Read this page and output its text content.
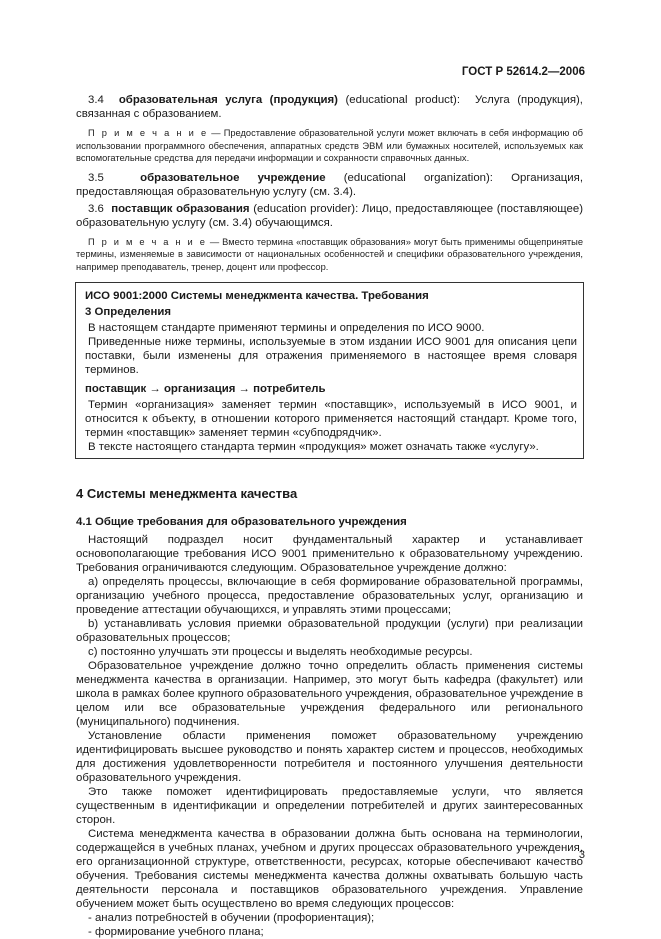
ГОСТ Р 52614.2—2006

3.4 образовательная услуга (продукция) (educational product): Услуга (продукция), связанная с образованием.

П р и м е ч а н и е — Предоставление образовательной услуги может включать в себя информацию об использовании программного обеспечения, аппаратных средств ЭВМ или бумажных носителей, используемых как вспомогательные средства для передачи информации и сохранности справочных данных.

3.5	образовательное учреждение (educational organization): Организация, предоставляющая образовательную услугу (см. 3.4).

3.6 поставщик образования (education provider): Лицо, предоставляющее (поставляющее) образовательную услугу (см. 3.4) обучающимся.

П р и м е ч а н и е — Вместо термина «поставщик образования» могут быть применимы общепринятые термины, изменяемые в зависимости от национальных особенностей и специфики образовательного учреждения, например преподаватель, тренер, доцент или профессор.

ИСО 9001:2000 Системы менеджмента качества. Требования

3 Определения

В настоящем стандарте применяют термины и определения по ИСО 9000.

Приведенные ниже термины, используемые в этом издании ИСО 9001 для описания цепи поставки, были изменены для отражения применяемого в настоящее время словаря терминов.

поставщик → организация → потребитель

Термин «организация» заменяет термин «поставщик», используемый в ИСО 9001, и относится к объекту, в отношении которого применяется настоящий стандарт. Кроме того, термин «поставщик» заменяет термин «субподрядчик».

В тексте настоящего стандарта термин «продукция» может означать также «услугу».

4 Системы менеджмента качества
4.1 Общие требования для образовательного учреждения

Настоящий подраздел носит фундаментальный характер и устанавливает основополагающие требования ИСО 9001 применительно к образовательному учреждению. Требования ограничиваются следующим. Образовательное учреждение должно:

а) определять процессы, включающие в себя формирование образовательной программы, организацию учебного процесса, предоставление образовательных услуг, организацию и проведение аттестации обучающихся, и управлять этими процессами;

b) устанавливать условия приемки образовательной продукции (услуги) при реализации образовательных процессов;

c) постоянно улучшать эти процессы и выделять необходимые ресурсы.

Образовательное учреждение должно точно определить область применения системы менеджмента качества в организации. Например, это могут быть кафедра (факультет) или школа в рамках более крупного образовательного учреждения, образовательное учреждение в целом или все образовательные учреждения федерального или регионального (муниципального) подчинения.

Установление области применения поможет образовательному учреждению идентифицировать высшее руководство и понять характер систем и процессов, необходимых для достижения удовлетворенности потребителя и постоянного улучшения деятельности образовательного учреждения.

Это также поможет идентифицировать предоставляемые услуги, что является существенным в идентификации и определении потребителей и других заинтересованных сторон.

Система менеджмента качества в образовании должна быть основана на терминологии, содержащейся в учебных планах, учебном и других процессах образовательного учреждения, его организационной структуре, ответственности, ресурсах, которые обеспечивают качество обучения. Требования системы менеджмента качества должны охватывать большую часть деятельности персонала и поставщиков образовательного учреждения. Управление обучением может быть осуществлено во время следующих процессов:

- анализ потребностей в обучении (профориентация);

- формирование учебного плана;

3
